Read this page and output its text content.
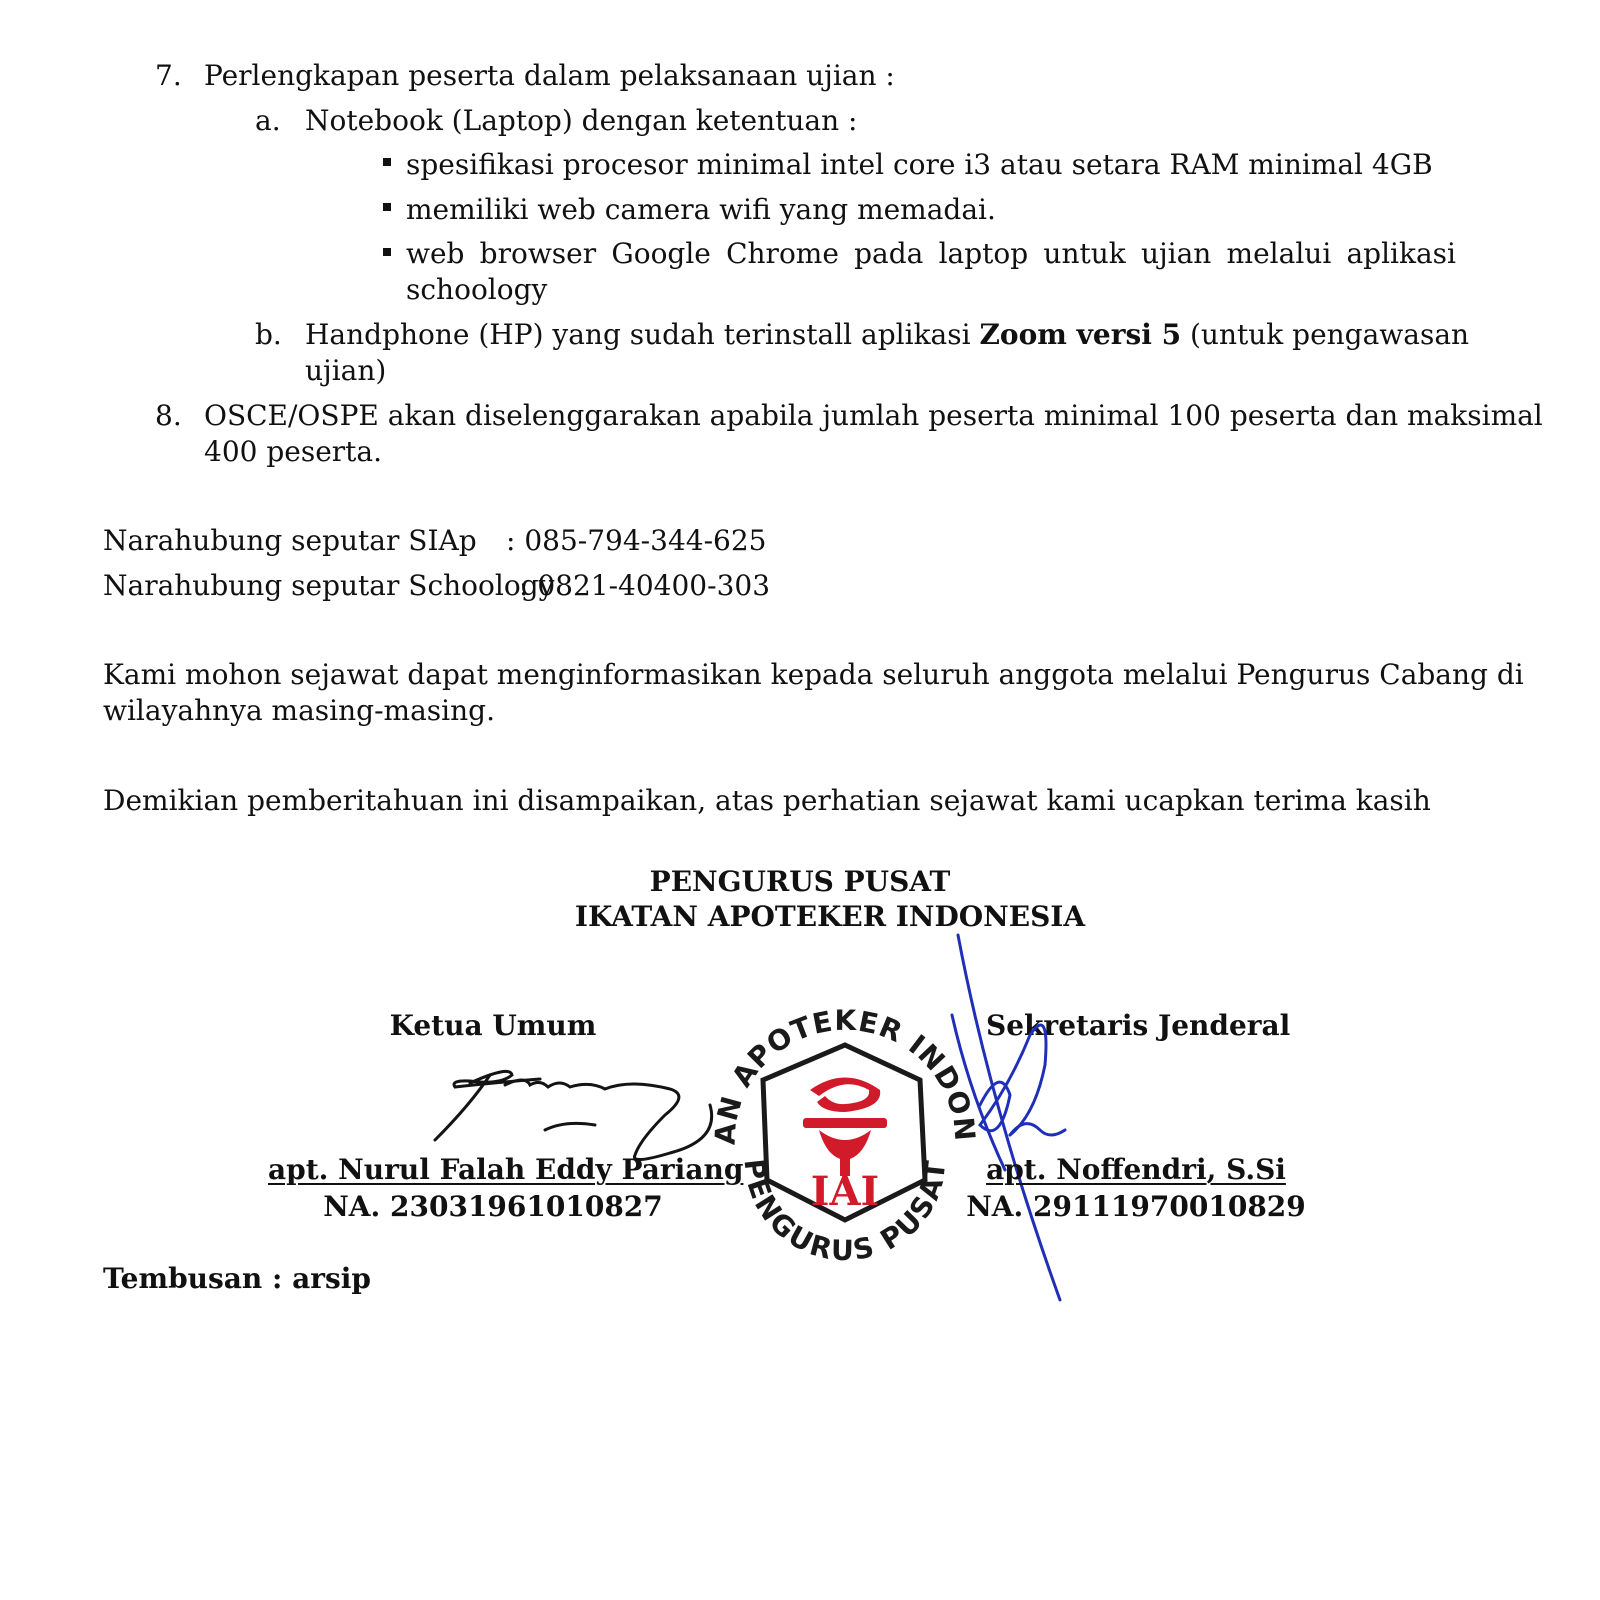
7. Perlengkapan peserta dalam pelaksanaan ujian :
a. Notebook (Laptop) dengan ketentuan :
spesifikasi procesor minimal intel core i3 atau setara RAM minimal 4GB
memiliki web camera wifi yang memadai.
web browser Google Chrome pada laptop untuk ujian melalui aplikasi
schoology
b. Handphone (HP) yang sudah terinstall aplikasi Zoom versi 5 (untuk pengawasan
ujian)
8. OSCE/OSPE akan diselenggarakan apabila jumlah peserta minimal 100 peserta dan maksimal
400 peserta.
Narahubung seputar SIAp : 085-794-344-625
Narahubung seputar Schoology
: 0821-40400-303
Kami mohon sejawat dapat menginformasikan kepada seluruh anggota melalui Pengurus Cabang di
wilayahnya masing-masing.
Demikian pemberitahuan ini disampaikan, atas perhatian sejawat kami ucapkan terima kasih
PENGURUS PUSAT
IKATAN APOTEKER INDONESIA
Ketua Umum	Sekretaris Jenderal
IKATAN APOTEKER INDONESIA
PENGURUS PUSAT
IAI
apt. Nurul Falah Eddy Pariang
NA. 23031961010827
apt. Noffendri, S.Si
NA. 29111970010829
Tembusan : arsip
